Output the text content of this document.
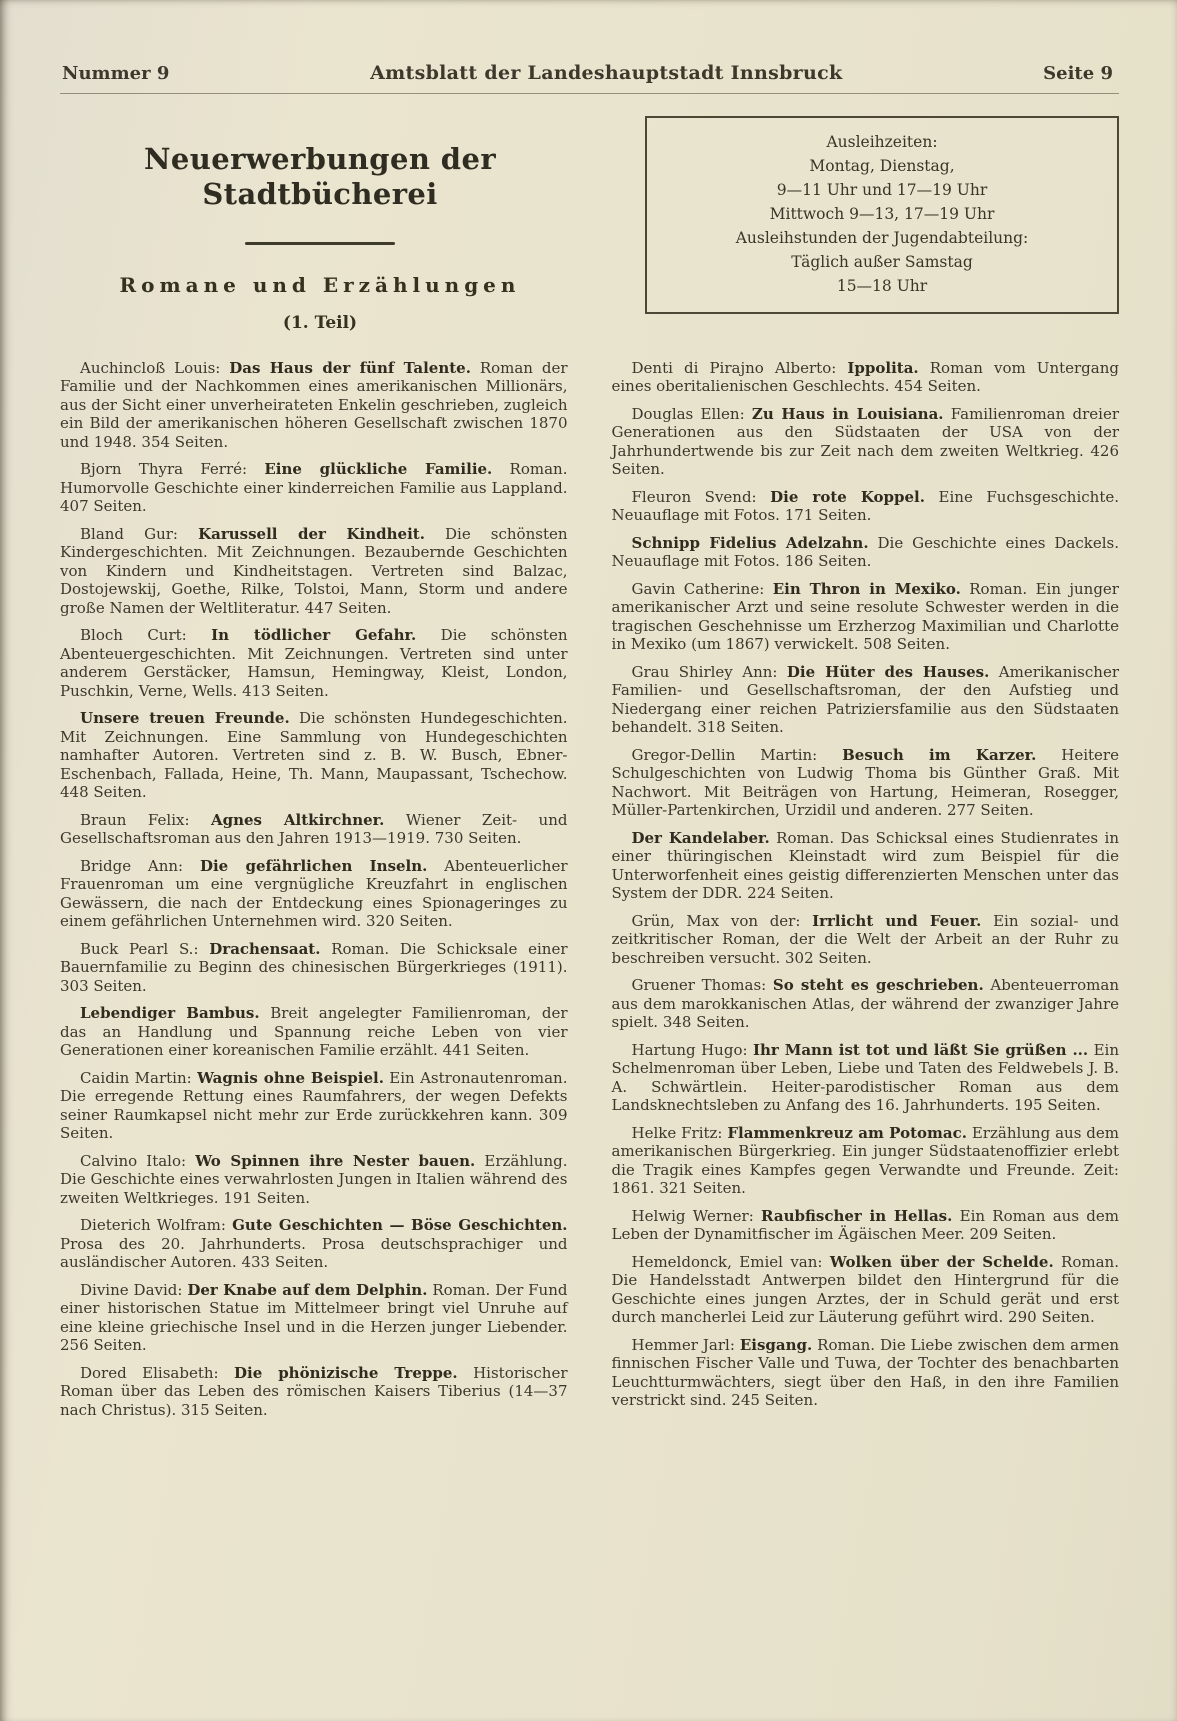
Nummer 9	Amtsblatt der Landeshauptstadt Innsbruck	Seite 9
Neuerwerbungen der Stadtbücherei
Romane und Erzählungen
(1. Teil)
Ausleihzeiten:
Montag, Dienstag,
9—11 Uhr und 17—19 Uhr
Mittwoch 9—13, 17—19 Uhr
Ausleihstunden der Jugendabteilung:
Täglich außer Samstag
15—18 Uhr

Auchincloß Louis: Das Haus der fünf Talente. Roman der Familie und der Nachkommen eines amerikanischen Millionärs, aus der Sicht einer unverheirateten Enkelin geschrieben, zugleich ein Bild der amerikanischen höheren Gesellschaft zwischen 1870 und 1948. 354 Seiten.

Bjorn Thyra Ferré: Eine glückliche Familie. Roman. Humorvolle Geschichte einer kinderreichen Familie aus Lappland. 407 Seiten.

Bland Gur: Karussell der Kindheit. Die schönsten Kindergeschichten. Mit Zeichnungen. Bezaubernde Geschichten von Kindern und Kindheitstagen. Vertreten sind Balzac, Dostojewskij, Goethe, Rilke, Tolstoi, Mann, Storm und andere große Namen der Weltliteratur. 447 Seiten.

Bloch Curt: In tödlicher Gefahr. Die schönsten Abenteuergeschichten. Mit Zeichnungen. Vertreten sind unter anderem Gerstäcker, Hamsun, Hemingway, Kleist, London, Puschkin, Verne, Wells. 413 Seiten.

Unsere treuen Freunde. Die schönsten Hundegeschichten. Mit Zeichnungen. Eine Sammlung von Hundegeschichten namhafter Autoren. Vertreten sind z. B. W. Busch, Ebner-Eschenbach, Fallada, Heine, Th. Mann, Maupassant, Tschechow. 448 Seiten.

Braun Felix: Agnes Altkirchner. Wiener Zeit- und Gesellschaftsroman aus den Jahren 1913—1919. 730 Seiten.

Bridge Ann: Die gefährlichen Inseln. Abenteuerlicher Frauenroman um eine vergnügliche Kreuzfahrt in englischen Gewässern, die nach der Entdeckung eines Spionageringes zu einem gefährlichen Unternehmen wird. 320 Seiten.

Buck Pearl S.: Drachensaat. Roman. Die Schicksale einer Bauernfamilie zu Beginn des chinesischen Bürgerkrieges (1911). 303 Seiten.

Lebendiger Bambus. Breit angelegter Familienroman, der das an Handlung und Spannung reiche Leben von vier Generationen einer koreanischen Familie erzählt. 441 Seiten.

Caidin Martin: Wagnis ohne Beispiel. Ein Astronautenroman. Die erregende Rettung eines Raumfahrers, der wegen Defekts seiner Raumkapsel nicht mehr zur Erde zurückkehren kann. 309 Seiten.

Calvino Italo: Wo Spinnen ihre Nester bauen. Erzählung. Die Geschichte eines verwahrlosten Jungen in Italien während des zweiten Weltkrieges. 191 Seiten.

Dieterich Wolfram: Gute Geschichten — Böse Geschichten. Prosa des 20. Jahrhunderts. Prosa deutschsprachiger und ausländischer Autoren. 433 Seiten.

Divine David: Der Knabe auf dem Delphin. Roman. Der Fund einer historischen Statue im Mittelmeer bringt viel Unruhe auf eine kleine griechische Insel und in die Herzen junger Liebender. 256 Seiten.

Dored Elisabeth: Die phönizische Treppe. Historischer Roman über das Leben des römischen Kaisers Tiberius (14—37 nach Christus). 315 Seiten.

Denti di Pirajno Alberto: Ippolita. Roman vom Untergang eines oberitalienischen Geschlechts. 454 Seiten.

Douglas Ellen: Zu Haus in Louisiana. Familienroman dreier Generationen aus den Südstaaten der USA von der Jahrhundertwende bis zur Zeit nach dem zweiten Weltkrieg. 426 Seiten.

Fleuron Svend: Die rote Koppel. Eine Fuchsgeschichte. Neuauflage mit Fotos. 171 Seiten.

Schnipp Fidelius Adelzahn. Die Geschichte eines Dackels. Neuauflage mit Fotos. 186 Seiten.

Gavin Catherine: Ein Thron in Mexiko. Roman. Ein junger amerikanischer Arzt und seine resolute Schwester werden in die tragischen Geschehnisse um Erzherzog Maximilian und Charlotte in Mexiko (um 1867) verwickelt. 508 Seiten.

Grau Shirley Ann: Die Hüter des Hauses. Amerikanischer Familien- und Gesellschaftsroman, der den Aufstieg und Niedergang einer reichen Patriziersfamilie aus den Südstaaten behandelt. 318 Seiten.

Gregor-Dellin Martin: Besuch im Karzer. Heitere Schulgeschichten von Ludwig Thoma bis Günther Graß. Mit Nachwort. Mit Beiträgen von Hartung, Heimeran, Rosegger, Müller-Partenkirchen, Urzidil und anderen. 277 Seiten.

Der Kandelaber. Roman. Das Schicksal eines Studienrates in einer thüringischen Kleinstadt wird zum Beispiel für die Unterworfenheit eines geistig differenzierten Menschen unter das System der DDR. 224 Seiten.

Grün, Max von der: Irrlicht und Feuer. Ein sozial- und zeitkritischer Roman, der die Welt der Arbeit an der Ruhr zu beschreiben versucht. 302 Seiten.

Gruener Thomas: So steht es geschrieben. Abenteuerroman aus dem marokkanischen Atlas, der während der zwanziger Jahre spielt. 348 Seiten.

Hartung Hugo: Ihr Mann ist tot und läßt Sie grüßen ... Ein Schelmenroman über Leben, Liebe und Taten des Feldwebels J. B. A. Schwärtlein. Heiter-parodistischer Roman aus dem Landsknechtsleben zu Anfang des 16. Jahrhunderts. 195 Seiten.

Helke Fritz: Flammenkreuz am Potomac. Erzählung aus dem amerikanischen Bürgerkrieg. Ein junger Südstaatenoffizier erlebt die Tragik eines Kampfes gegen Verwandte und Freunde. Zeit: 1861. 321 Seiten.

Helwig Werner: Raubfischer in Hellas. Ein Roman aus dem Leben der Dynamitfischer im Ägäischen Meer. 209 Seiten.

Hemeldonck, Emiel van: Wolken über der Schelde. Roman. Die Handelsstadt Antwerpen bildet den Hintergrund für die Geschichte eines jungen Arztes, der in Schuld gerät und erst durch mancherlei Leid zur Läuterung geführt wird. 290 Seiten.

Hemmer Jarl: Eisgang. Roman. Die Liebe zwischen dem armen finnischen Fischer Valle und Tuwa, der Tochter des benachbarten Leuchtturmwächters, siegt über den Haß, in den ihre Familien verstrickt sind. 245 Seiten.
